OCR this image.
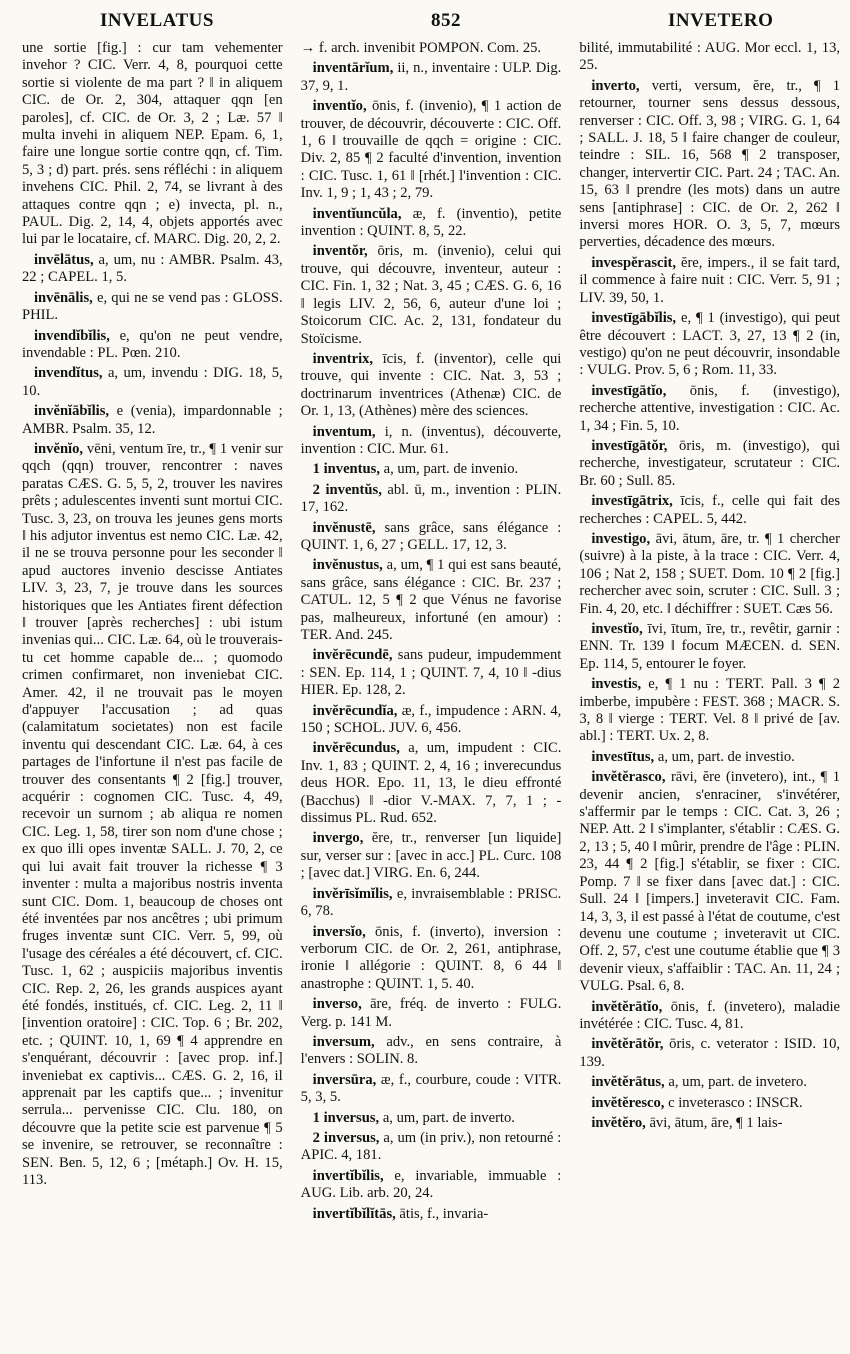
INVELATUS	852	INVETERO

une sortie [fig.] : cur tam vehementer invehor ? CIC. Verr. 4, 8, pourquoi cette sortie si violente de ma part ? ‖ in aliquem CIC. de Or. 2, 304, attaquer qqn [en paroles], cf. CIC. de Or. 3, 2 ; Læ. 57 ‖ multa invehi in aliquem NEP. Epam. 6, 1, faire une longue sortie contre qqn, cf. Tim. 5, 3 ; d) part. prés. sens réfléchi : in aliquem invehens CIC. Phil. 2, 74, se livrant à des attaques contre qqn ; e) invecta, pl. n., PAUL. Dig. 2, 14, 4, objets apportés avec lui par le locataire, cf. MARC. Dig. 20, 2, 2.

invēlātus, a, um, nu : AMBR. Psalm. 43, 22 ; CAPEL. 1, 5.

invēnālis, e, qui ne se vend pas : GLOSS. PHIL.

invendĭbĭlis, e, qu'on ne peut vendre, invendable : PL. Pœn. 210.

invendĭtus, a, um, invendu : DIG. 18, 5, 10.

invĕnĭābĭlis, e (venia), impardonnable ; AMBR. Psalm. 35, 12.

invĕnĭo, vēni, ventum īre, tr., ¶ 1 venir sur qqch (qqn) trouver, rencontrer : naves paratas CÆS. G. 5, 5, 2, trouver les navires prêts ; adulescentes inventi sunt mortui CIC. Tusc. 3, 23, on trouva les jeunes gens morts ‖ his adjutor inventus est nemo CIC. Læ. 42, il ne se trouva personne pour les seconder ‖ apud auctores invenio descisse Antiates LIV. 3, 23, 7, je trouve dans les sources historiques que les Antiates firent défection ‖ trouver [après recherches] : ubi istum invenias qui... CIC. Læ. 64, où le trouverais-tu cet homme capable de... ; quomodo crimen confirmaret, non inveniebat CIC. Amer. 42, il ne trouvait pas le moyen d'appuyer l'accusation ; ad quas (calamitatum societates) non est facile inventu qui descendant CIC. Læ. 64, à ces partages de l'infortune il n'est pas facile de trouver des consentants ¶ 2 [fig.] trouver, acquérir : cognomen CIC. Tusc. 4, 49, recevoir un surnom ; ab aliqua re nomen CIC. Leg. 1, 58, tirer son nom d'une chose ; ex quo illi opes inventæ SALL. J. 70, 2, ce qui lui avait fait trouver la richesse ¶ 3 inventer : multa a majoribus nostris inventa sunt CIC. Dom. 1, beaucoup de choses ont été inventées par nos ancêtres ; ubi primum fruges inventæ sunt CIC. Verr. 5, 99, où l'usage des céréales a été découvert, cf. CIC. Tusc. 1, 62 ; auspiciis majoribus inventis CIC. Rep. 2, 26, les grands auspices ayant été fondés, institués, cf. CIC. Leg. 2, 11 ‖ [invention oratoire] : CIC. Top. 6 ; Br. 202, etc. ; QUINT. 10, 1, 69 ¶ 4 apprendre en s'enquérant, découvrir : [avec prop. inf.] inveniebat ex captivis... CÆS. G. 2, 16, il apprenait par les captifs que... ; invenitur serrula... pervenisse CIC. Clu. 180, on découvre que la petite scie est parvenue ¶ 5 se invenire, se retrouver, se reconnaître : SEN. Ben. 5, 12, 6 ; [métaph.] Ov. H. 15, 113.

→ f. arch. invenibit POMPON. Com. 25.

inventārĭum, ii, n., inventaire : ULP. Dig. 37, 9, 1.

inventĭo, ōnis, f. (invenio), ¶ 1 action de trouver, de découvrir, découverte : CIC. Off. 1, 6 ‖ trouvaille de qqch = origine : CIC. Div. 2, 85 ¶ 2 faculté d'invention, invention : CIC. Tusc. 1, 61 ‖ [rhét.] l'invention : CIC. Inv. 1, 9 ; 1, 43 ; 2, 79.

inventĭuncŭla, æ, f. (inventio), petite invention : QUINT. 8, 5, 22.

inventŏr, ōris, m. (invenio), celui qui trouve, qui découvre, inventeur, auteur : CIC. Fin. 1, 32 ; Nat. 3, 45 ; CÆS. G. 6, 16 ‖ legis LIV. 2, 56, 6, auteur d'une loi ; Stoicorum CIC. Ac. 2, 131, fondateur du Stoïcisme.

inventrix, īcis, f. (inventor), celle qui trouve, qui invente : CIC. Nat. 3, 53 ; doctrinarum inventrices (Athenæ) CIC. de Or. 1, 13, (Athènes) mère des sciences.

inventum, i, n. (inventus), découverte, invention : CIC. Mur. 61.

1 inventus, a, um, part. de invenio.

2 inventŭs, abl. ū, m., invention : PLIN. 17, 162.

invĕnustē, sans grâce, sans élégance : QUINT. 1, 6, 27 ; GELL. 17, 12, 3.

invĕnustus, a, um, ¶ 1 qui est sans beauté, sans grâce, sans élégance : CIC. Br. 237 ; CATUL. 12, 5 ¶ 2 que Vénus ne favorise pas, malheureux, infortuné (en amour) : TER. And. 245.

invĕrēcundē, sans pudeur, impudemment : SEN. Ep. 114, 1 ; QUINT. 7, 4, 10 ‖ -dius HIER. Ep. 128, 2.

invĕrēcundĭa, æ, f., impudence : ARN. 4, 150 ; SCHOL. JUV. 6, 456.

invĕrēcundus, a, um, impudent : CIC. Inv. 1, 83 ; QUINT. 2, 4, 16 ; inverecundus deus HOR. Epo. 11, 13, le dieu effronté (Bacchus) ‖ -dior V.-MAX. 7, 7, 1 ; -dissimus PL. Rud. 652.

invergo, ĕre, tr., renverser [un liquide] sur, verser sur : [avec in acc.] PL. Curc. 108 ; [avec dat.] VIRG. En. 6, 244.

invĕrīsĭmĭlis, e, invraisemblable : PRISC. 6, 78.

inversĭo, ōnis, f. (inverto), inversion : verborum CIC. de Or. 2, 261, antiphrase, ironie ‖ allégorie : QUINT. 8, 6 44 ‖ anastrophe : QUINT. 1, 5. 40.

inverso, āre, fréq. de inverto : FULG. Verg. p. 141 M.

inversum, adv., en sens contraire, à l'envers : SOLIN. 8.

inversūra, æ, f., courbure, coude : VITR. 5, 3, 5.

1 inversus, a, um, part. de inverto.

2 inversus, a, um (in priv.), non retourné : APIC. 4, 181.

invertĭbĭlis, e, invariable, immuable : AUG. Lib. arb. 20, 24.

invertĭbĭlĭtās, ātis, f., invaria-

bilité, immutabilité : AUG. Mor eccl. 1, 13, 25.

inverto, verti, versum, ĕre, tr., ¶ 1 retourner, tourner sens dessus dessous, renverser : CIC. Off. 3, 98 ; VIRG. G. 1, 64 ; SALL. J. 18, 5 ‖ faire changer de couleur, teindre : SIL. 16, 568 ¶ 2 transposer, changer, intervertir CIC. Part. 24 ; TAC. An. 15, 63 ‖ prendre (les mots) dans un autre sens [antiphrase] : CIC. de Or. 2, 262 ‖ inversi mores HOR. O. 3, 5, 7, mœurs perverties, décadence des mœurs.

invespĕrascit, ĕre, impers., il se fait tard, il commence à faire nuit : CIC. Verr. 5, 91 ; LIV. 39, 50, 1.

investīgābĭlis, e, ¶ 1 (investigo), qui peut être découvert : LACT. 3, 27, 13 ¶ 2 (in, vestigo) qu'on ne peut découvrir, insondable : VULG. Prov. 5, 6 ; Rom. 11, 33.

investīgātĭo, ōnis, f. (investigo), recherche attentive, investigation : CIC. Ac. 1, 34 ; Fin. 5, 10.

investīgātŏr, ōris, m. (investigo), qui recherche, investigateur, scrutateur : CIC. Br. 60 ; Sull. 85.

investīgātrix, īcis, f., celle qui fait des recherches : CAPEL. 5, 442.

investigo, āvi, ātum, āre, tr. ¶ 1 chercher (suivre) à la piste, à la trace : CIC. Verr. 4, 106 ; Nat 2, 158 ; SUET. Dom. 10 ¶ 2 [fig.] rechercher avec soin, scruter : CIC. Sull. 3 ; Fin. 4, 20, etc. ‖ déchiffrer : SUET. Cæs 56.

investĭo, īvi, ītum, īre, tr., revêtir, garnir : ENN. Tr. 139 ‖ focum MÆCEN. d. SEN. Ep. 114, 5, entourer le foyer.

investis, e, ¶ 1 nu : TERT. Pall. 3 ¶ 2 imberbe, impubère : FEST. 368 ; MACR. S. 3, 8 ‖ vierge : TERT. Vel. 8 ‖ privé de [av. abl.] : TERT. Ux. 2, 8.

investītus, a, um, part. de investio.

invĕtĕrasco, rāvi, ĕre (invetero), int., ¶ 1 devenir ancien, s'enraciner, s'invétérer, s'affermir par le temps : CIC. Cat. 3, 26 ; NEP. Att. 2 ‖ s'implanter, s'établir : CÆS. G. 2, 13 ; 5, 40 ‖ mûrir, prendre de l'âge : PLIN. 23, 44 ¶ 2 [fig.] s'établir, se fixer : CIC. Pomp. 7 ‖ se fixer dans [avec dat.] : CIC. Sull. 24 ‖ [impers.] inveteravit CIC. Fam. 14, 3, 3, il est passé à l'état de coutume, c'est devenu une coutume ; inveteravit ut CIC. Off. 2, 57, c'est une coutume établie que ¶ 3 devenir vieux, s'affaiblir : TAC. An. 11, 24 ; VULG. Psal. 6, 8.

invĕtĕrātĭo, ōnis, f. (invetero), maladie invétérée : CIC. Tusc. 4, 81.

invĕtĕrātŏr, ōris, c. veterator : ISID. 10, 139.

invĕtĕrātus, a, um, part. de invetero.

invĕtĕresco, c inveterasco : INSCR.

invĕtĕro, āvi, ātum, āre, ¶ 1 lais-
